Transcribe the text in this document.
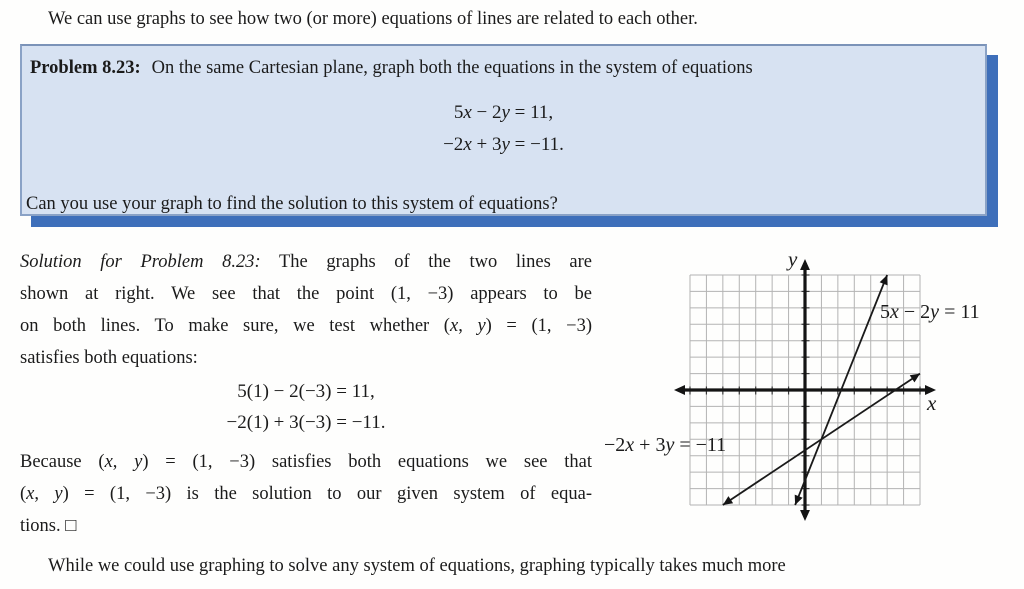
We can use graphs to see how two (or more) equations of lines are related to each other.

Problem 8.23: On the same Cartesian plane, graph both the equations in the system of equations
5x − 2y = 11,
−2x + 3y = −11.
Can you use your graph to find the solution to this system of equations?
Solution for Problem 8.23: The graphs of the two lines are
shown at right. We see that the point (1, −3) appears to be
on both lines. To make sure, we test whether (x, y) = (1, −3)
satisfies both equations:
5(1) − 2(−3) = 11,
−2(1) + 3(−3) = −11.
Because (x, y) = (1, −3) satisfies both equations we see that
(x, y) = (1, −3) is the solution to our given system of equa-
tions. □
y
x
5x − 2y = 11
−2x + 3y = −11

While we could use graphing to solve any system of equations, graphing typically takes much more
